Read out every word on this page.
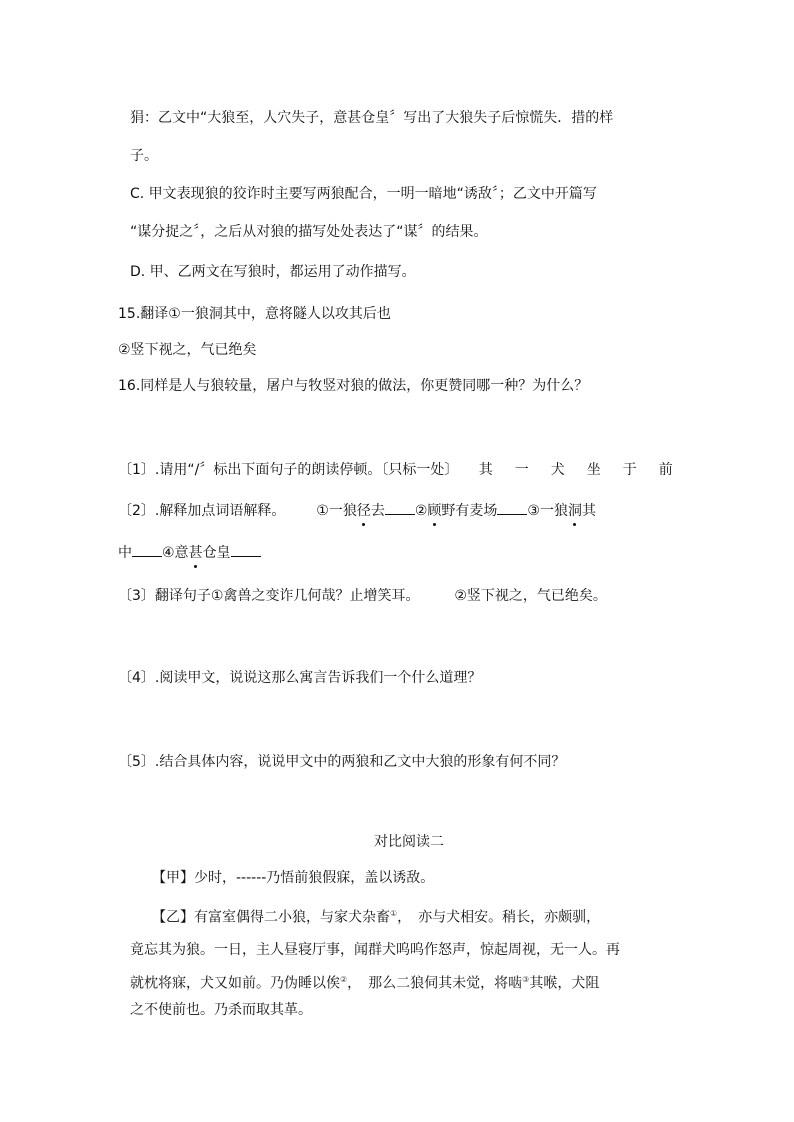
狷：乙文中“大狼至，人穴失子，意甚仓皇〞写出了大狼失子后惊慌失．措的样
子。
C. 甲文表现狼的狡诈时主要写两狼配合，一明一暗地“诱敌〞；乙文中开篇写
“谋分捉之〞，之后从对狼的描写处处表达了“谋〞的结果。
D. 甲、乙两文在写狼时，都运用了动作描写。
15.翻译①一狼洞其中，意将隧人以攻其后也
②竖下视之，气已绝矣
16.同样是人与狼较量，屠户与牧竖对狼的做法，你更赞同哪一种？为什么？
〔1〕.请用“/〞标出下面句子的朗读停顿。〔只标一处〕 其 一 犬 坐 于 前
〔2〕.解释加点词语解释。 ①一狼径去 ②顾野有麦场 ③一狼洞其
中 ④意甚仓皇
〔3〕翻译句子①禽兽之变诈几何哉？止增笑耳。 ②竖下视之，气已绝矣。
〔4〕.阅读甲文，说说这那么寓言告诉我们一个什么道理？
〔5〕.结合具体内容，说说甲文中的两狼和乙文中大狼的形象有何不同？
对比阅读二
【甲】少时，------乃悟前狼假寐，盖以诱敌。
【乙】有富室偶得二小狼，与家犬杂畜①，　亦与犬相安。稍长，亦颇驯，
竟忘其为狼。一日，主人昼寝厅事，闻群犬呜呜作怒声，惊起周视，无一人。再
就枕将寐，犬又如前。乃伪睡以俟②，　那么二狼伺其未觉，将啮③其喉，犬阻
之不使前也。乃杀而取其革。
